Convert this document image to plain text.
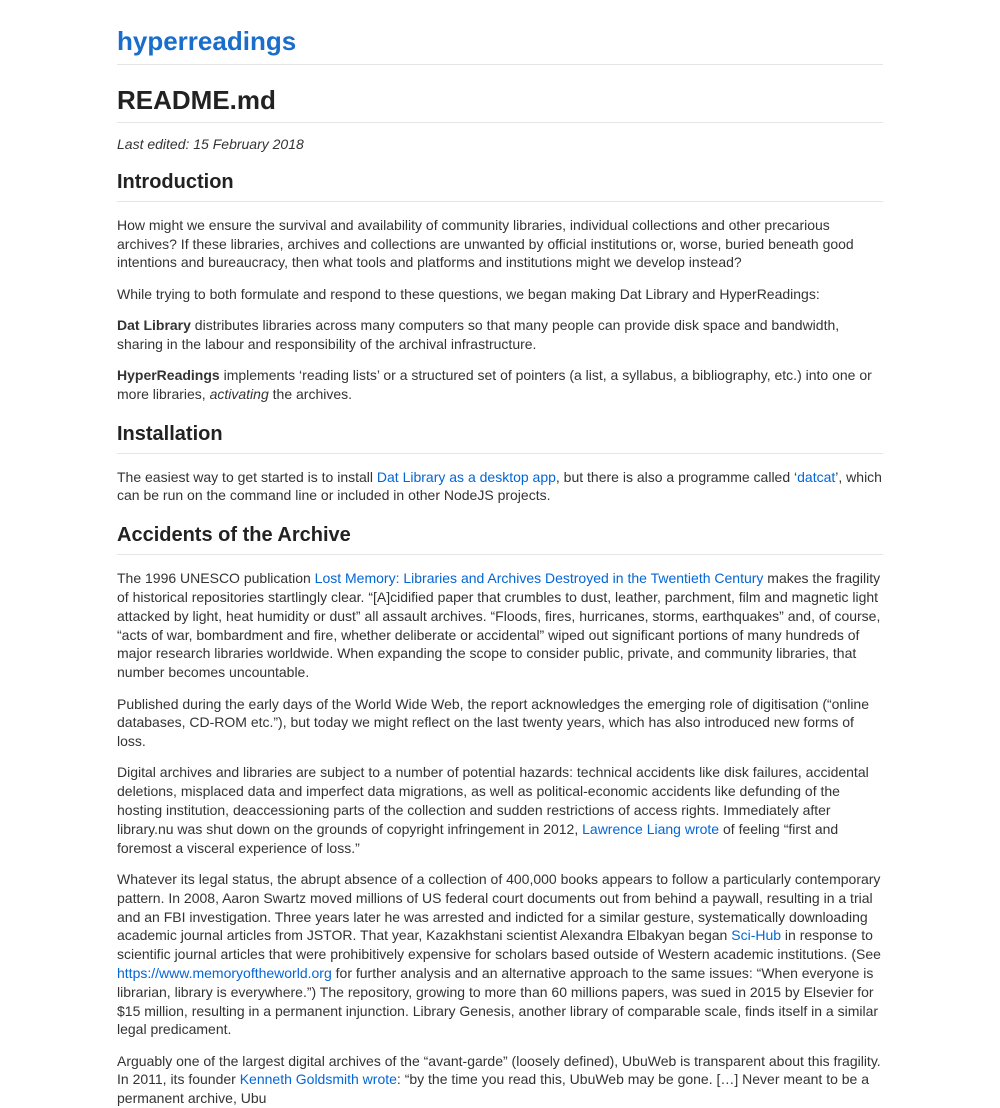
hyperreadings
README.md

Last edited: 15 February 2018

Introduction

How might we ensure the survival and availability of community libraries, individual collections and other precarious archives? If these libraries, archives and collections are unwanted by official institutions or, worse, buried beneath good intentions and bureaucracy, then what tools and platforms and institutions might we develop instead?

While trying to both formulate and respond to these questions, we began making Dat Library and HyperReadings:

Dat Library distributes libraries across many computers so that many people can provide disk space and bandwidth, sharing in the labour and responsibility of the archival infrastructure.

HyperReadings implements ‘reading lists’ or a structured set of pointers (a list, a syllabus, a bibliography, etc.) into one or more libraries, activating the archives.

Installation

The easiest way to get started is to install Dat Library as a desktop app, but there is also a programme called ‘datcat’, which can be run on the command line or included in other NodeJS projects.

Accidents of the Archive

The 1996 UNESCO publication Lost Memory: Libraries and Archives Destroyed in the Twentieth Century makes the fragility of historical repositories startlingly clear. “[A]cidified paper that crumbles to dust, leather, parchment, film and magnetic light attacked by light, heat humidity or dust” all assault archives. “Floods, fires, hurricanes, storms, earthquakes” and, of course, “acts of war, bombardment and fire, whether deliberate or accidental” wiped out significant portions of many hundreds of major research libraries worldwide. When expanding the scope to consider public, private, and community libraries, that number becomes uncountable.

Published during the early days of the World Wide Web, the report acknowledges the emerging role of digitisation (“online databases, CD-ROM etc.”), but today we might reflect on the last twenty years, which has also introduced new forms of loss.

Digital archives and libraries are subject to a number of potential hazards: technical accidents like disk failures, accidental deletions, misplaced data and imperfect data migrations, as well as political-economic accidents like defunding of the hosting institution, deaccessioning parts of the collection and sudden restrictions of access rights. Immediately after library.nu was shut down on the grounds of copyright infringement in 2012, Lawrence Liang wrote of feeling “first and foremost a visceral experience of loss.”

Whatever its legal status, the abrupt absence of a collection of 400,000 books appears to follow a particularly contemporary pattern. In 2008, Aaron Swartz moved millions of US federal court documents out from behind a paywall, resulting in a trial and an FBI investigation. Three years later he was arrested and indicted for a similar gesture, systematically downloading academic journal articles from JSTOR. That year, Kazakhstani scientist Alexandra Elbakyan began Sci-Hub in response to scientific journal articles that were prohibitively expensive for scholars based outside of Western academic institutions. (See https://www.memoryoftheworld.org for further analysis and an alternative approach to the same issues: “When everyone is librarian, library is everywhere.”) The repository, growing to more than 60 millions papers, was sued in 2015 by Elsevier for $15 million, resulting in a permanent injunction. Library Genesis, another library of comparable scale, finds itself in a similar legal predicament.

Arguably one of the largest digital archives of the “avant-garde” (loosely defined), UbuWeb is transparent about this fragility. In 2011, its founder Kenneth Goldsmith wrote: “by the time you read this, UbuWeb may be gone. […] Never meant to be a permanent archive, Ubu
